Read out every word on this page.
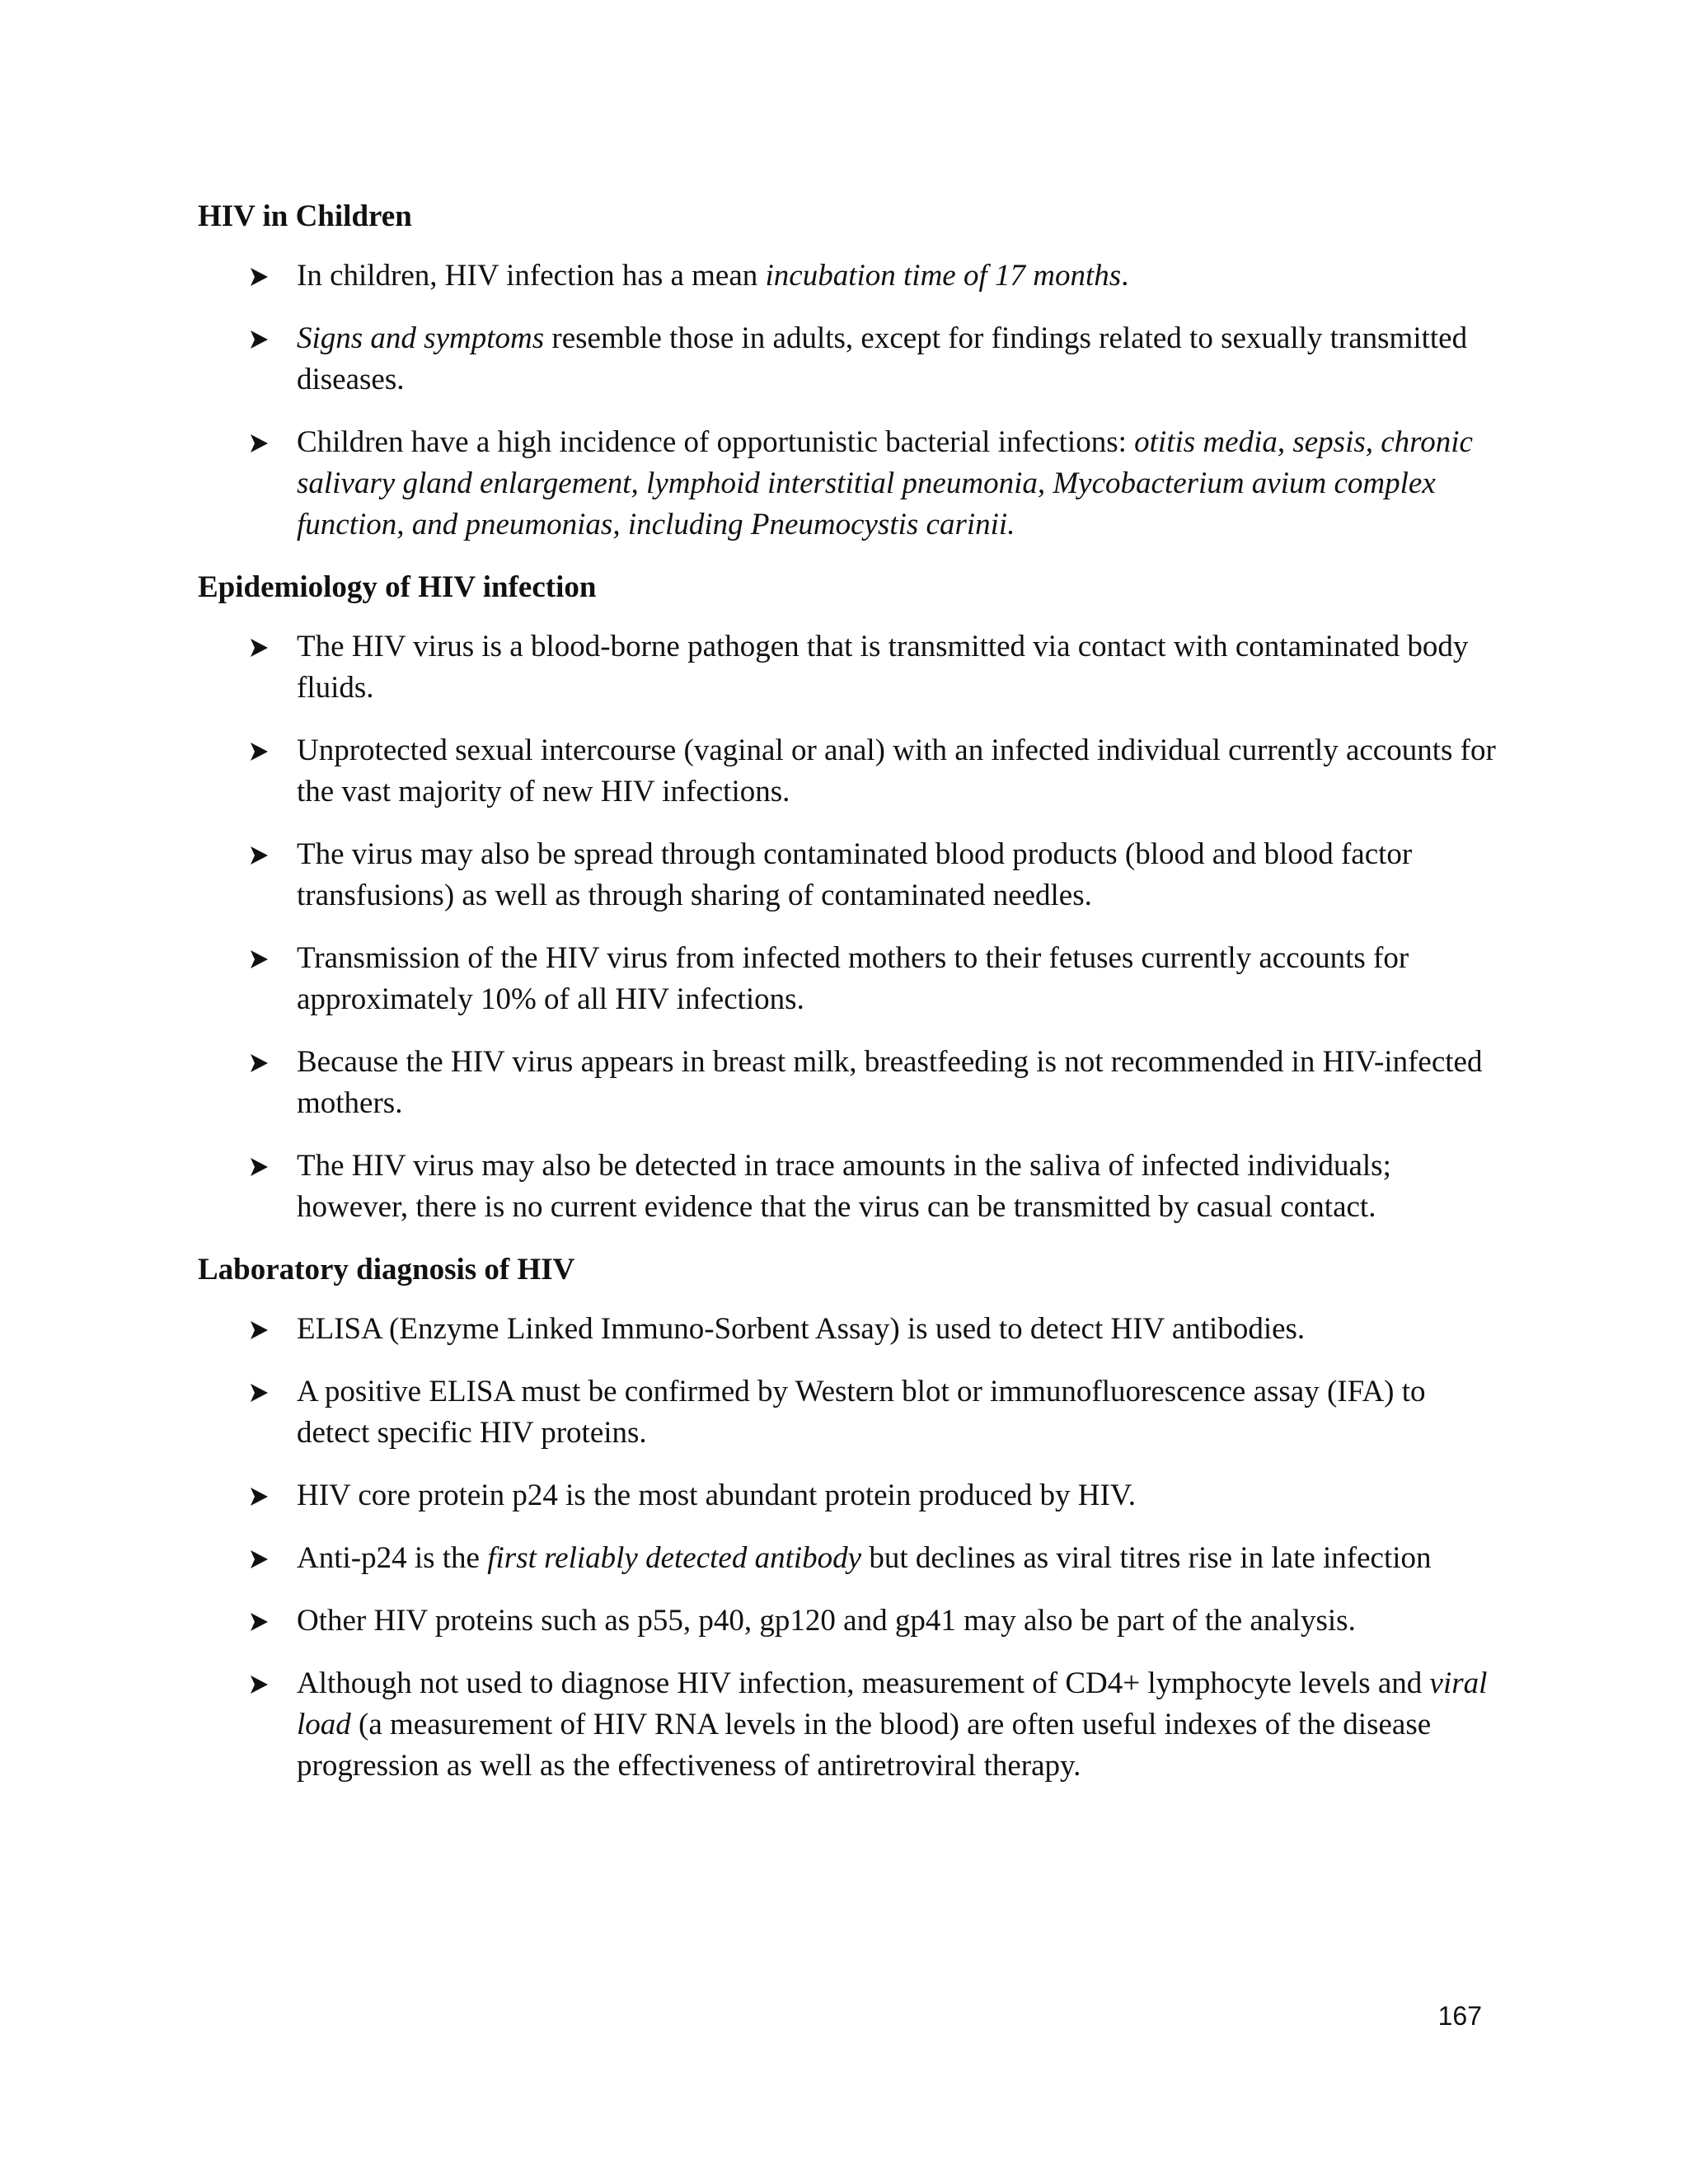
HIV in Children
In children, HIV infection has a mean incubation time of 17 months.
Signs and symptoms resemble those in adults, except for findings related to sexually transmitted diseases.
Children have a high incidence of opportunistic bacterial infections: otitis media, sepsis, chronic salivary gland enlargement, lymphoid interstitial pneumonia, Mycobacterium avium complex function, and pneumonias, including Pneumocystis carinii.
Epidemiology of HIV infection
The HIV virus is a blood-borne pathogen that is transmitted via contact with contaminated body fluids.
Unprotected sexual intercourse (vaginal or anal) with an infected individual currently accounts for the vast majority of new HIV infections.
The virus may also be spread through contaminated blood products (blood and blood factor transfusions) as well as through sharing of contaminated needles.
Transmission of the HIV virus from infected mothers to their fetuses currently accounts for approximately 10% of all HIV infections.
Because the HIV virus appears in breast milk, breastfeeding is not recommended in HIV-infected mothers.
The HIV virus may also be detected in trace amounts in the saliva of infected individuals; however, there is no current evidence that the virus can be transmitted by casual contact.
Laboratory diagnosis of HIV
ELISA (Enzyme Linked Immuno-Sorbent Assay) is used to detect HIV antibodies.
A positive ELISA must be confirmed by Western blot or immunofluorescence assay (IFA) to detect specific HIV proteins.
HIV core protein p24 is the most abundant protein produced by HIV.
Anti-p24 is the first reliably detected antibody but declines as viral titres rise in late infection
Other HIV proteins such as p55, p40, gp120 and gp41 may also be part of the analysis.
Although not used to diagnose HIV infection, measurement of CD4+ lymphocyte levels and viral load (a measurement of HIV RNA levels in the blood) are often useful indexes of the disease progression as well as the effectiveness of antiretroviral therapy.
167
